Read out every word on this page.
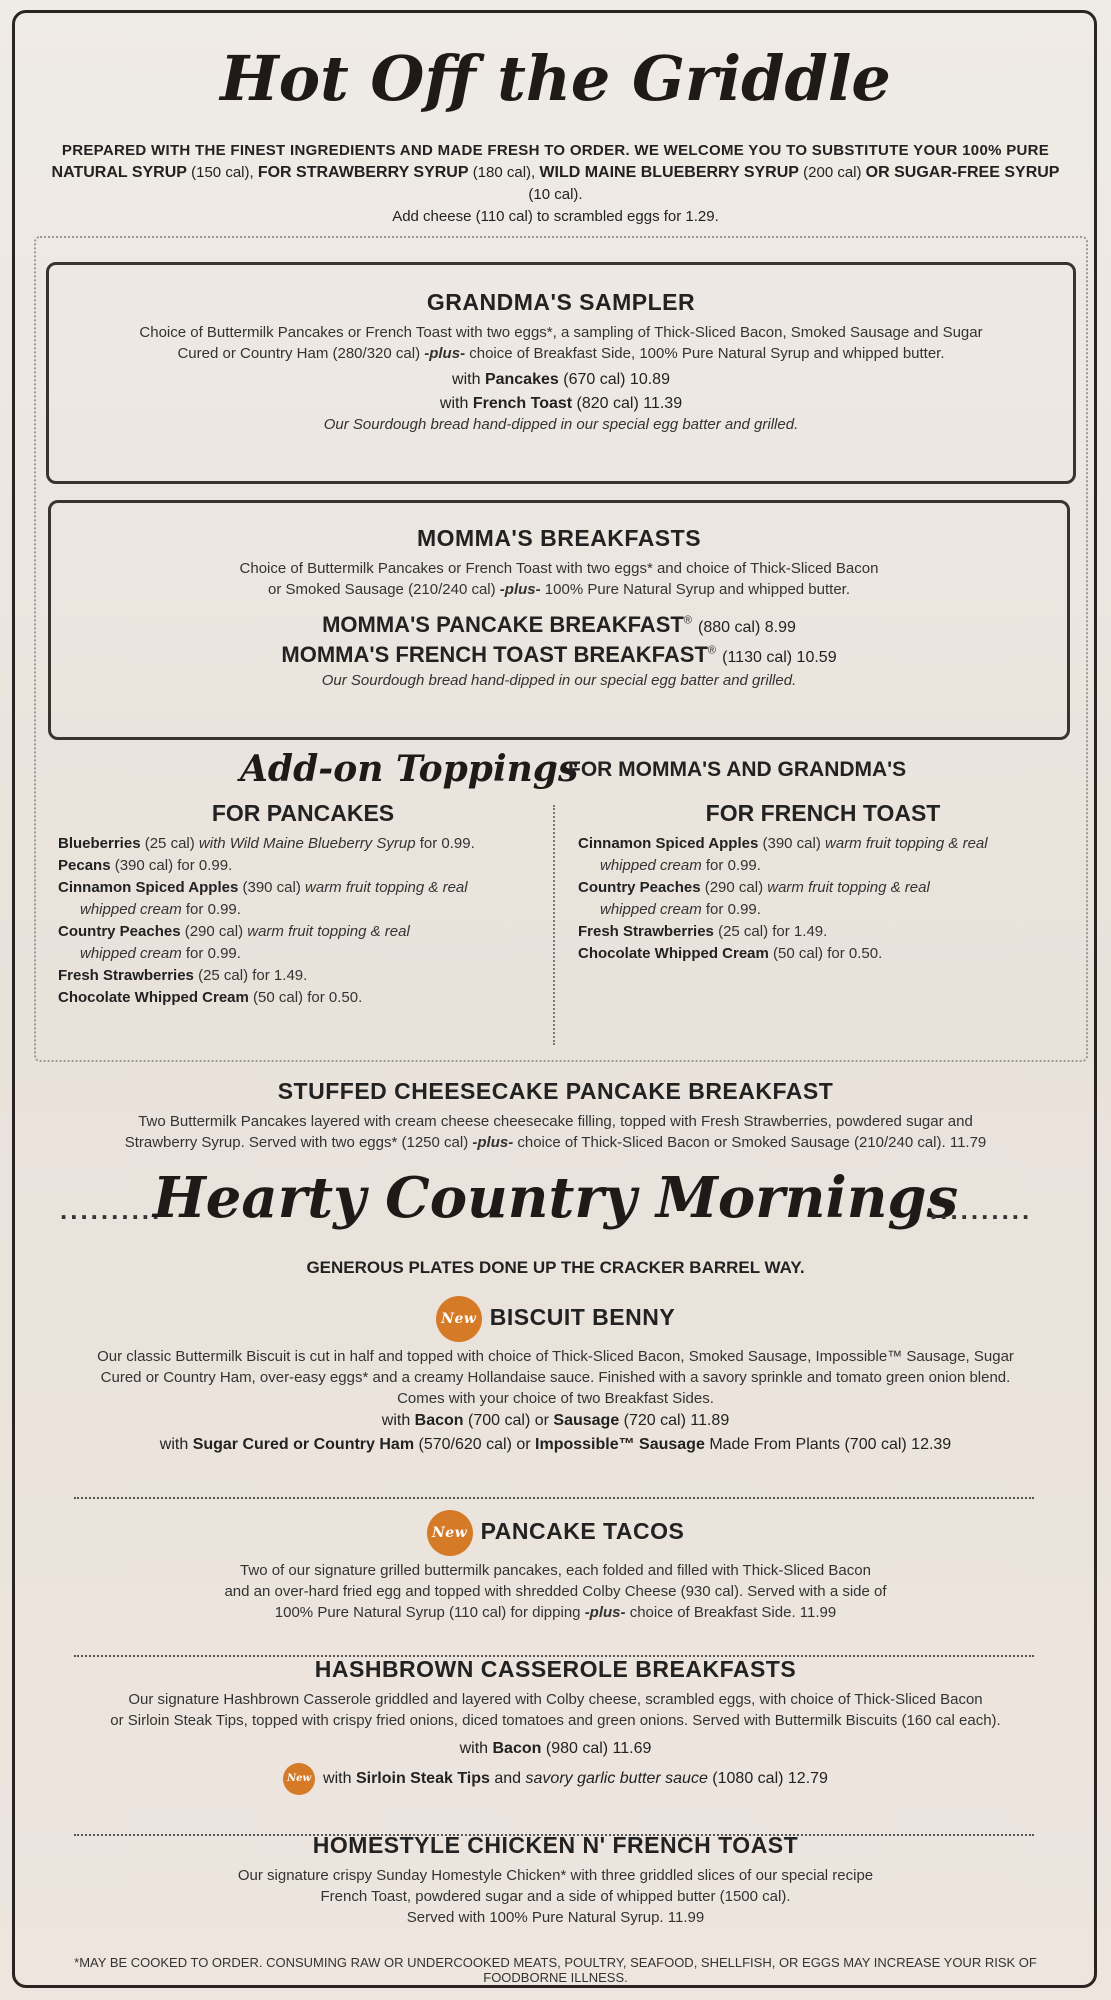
Hot Off the Griddle
PREPARED WITH THE FINEST INGREDIENTS AND MADE FRESH TO ORDER. WE WELCOME YOU TO SUBSTITUTE YOUR 100% PURE
NATURAL SYRUP (150 cal), FOR STRAWBERRY SYRUP (180 cal), WILD MAINE BLUEBERRY SYRUP (200 cal) OR SUGAR-FREE SYRUP (10 cal).
Add cheese (110 cal) to scrambled eggs for 1.29.
GRANDMA'S SAMPLER
Choice of Buttermilk Pancakes or French Toast with two eggs*, a sampling of Thick-Sliced Bacon, Smoked Sausage and Sugar
Cured or Country Ham (280/320 cal) -plus- choice of Breakfast Side, 100% Pure Natural Syrup and whipped butter.
with Pancakes (670 cal) 10.89
with French Toast (820 cal) 11.39
Our Sourdough bread hand-dipped in our special egg batter and grilled.
MOMMA'S BREAKFASTS
Choice of Buttermilk Pancakes or French Toast with two eggs* and choice of Thick-Sliced Bacon
or Smoked Sausage (210/240 cal) -plus- 100% Pure Natural Syrup and whipped butter.
MOMMA'S PANCAKE BREAKFAST® (880 cal) 8.99
MOMMA'S FRENCH TOAST BREAKFAST® (1130 cal) 10.59
Our Sourdough bread hand-dipped in our special egg batter and grilled.
Add-on Toppings
FOR MOMMA'S AND GRANDMA'S
FOR PANCAKES
Blueberries (25 cal) with Wild Maine Blueberry Syrup for 0.99.
Pecans (390 cal) for 0.99.
Cinnamon Spiced Apples (390 cal) warm fruit topping & real
whipped cream for 0.99.
Country Peaches (290 cal) warm fruit topping & real
whipped cream for 0.99.
Fresh Strawberries (25 cal) for 1.49.
Chocolate Whipped Cream (50 cal) for 0.50.
FOR FRENCH TOAST
Cinnamon Spiced Apples (390 cal) warm fruit topping & real
whipped cream for 0.99.
Country Peaches (290 cal) warm fruit topping & real
whipped cream for 0.99.
Fresh Strawberries (25 cal) for 1.49.
Chocolate Whipped Cream (50 cal) for 0.50.
STUFFED CHEESECAKE PANCAKE BREAKFAST
Two Buttermilk Pancakes layered with cream cheese cheesecake filling, topped with Fresh Strawberries, powdered sugar and
Strawberry Syrup. Served with two eggs* (1250 cal) -plus- choice of Thick-Sliced Bacon or Smoked Sausage (210/240 cal). 11.79
..........
Hearty Country Mornings
..........
GENEROUS PLATES DONE UP THE CRACKER BARREL WAY.
New BISCUIT BENNY
Our classic Buttermilk Biscuit is cut in half and topped with choice of Thick-Sliced Bacon, Smoked Sausage, Impossible™ Sausage, Sugar
Cured or Country Ham, over-easy eggs* and a creamy Hollandaise sauce. Finished with a savory sprinkle and tomato green onion blend.
Comes with your choice of two Breakfast Sides.
with Bacon (700 cal) or Sausage (720 cal) 11.89
with Sugar Cured or Country Ham (570/620 cal) or Impossible™ Sausage Made From Plants (700 cal) 12.39
New PANCAKE TACOS
Two of our signature grilled buttermilk pancakes, each folded and filled with Thick-Sliced Bacon
and an over-hard fried egg and topped with shredded Colby Cheese (930 cal). Served with a side of
100% Pure Natural Syrup (110 cal) for dipping -plus- choice of Breakfast Side. 11.99
HASHBROWN CASSEROLE BREAKFASTS
Our signature Hashbrown Casserole griddled and layered with Colby cheese, scrambled eggs, with choice of Thick-Sliced Bacon
or Sirloin Steak Tips, topped with crispy fried onions, diced tomatoes and green onions. Served with Buttermilk Biscuits (160 cal each).
with Bacon (980 cal) 11.69
New with Sirloin Steak Tips and savory garlic butter sauce (1080 cal) 12.79
HOMESTYLE CHICKEN N' FRENCH TOAST
Our signature crispy Sunday Homestyle Chicken* with three griddled slices of our special recipe
French Toast, powdered sugar and a side of whipped butter (1500 cal).
Served with 100% Pure Natural Syrup. 11.99
*MAY BE COOKED TO ORDER. CONSUMING RAW OR UNDERCOOKED MEATS, POULTRY, SEAFOOD, SHELLFISH, OR EGGS MAY INCREASE YOUR RISK OF FOODBORNE ILLNESS.
